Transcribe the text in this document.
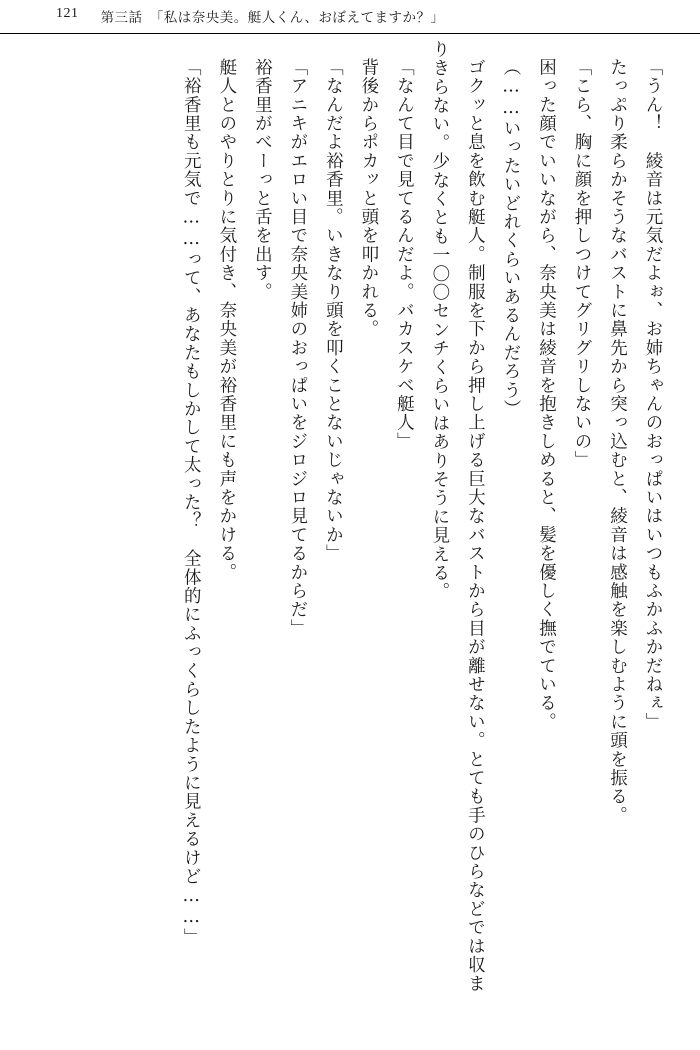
121 第三話　「私は奈央美。艇人くん、おぼえてますか？」

「うん！　綾音は元気だよぉ、お姉ちゃんのおっぱいはいつもふかふかだねぇ」

たっぷり柔らかそうなバストに鼻先から突っ込むと、綾音は感触を楽しむように頭を振る。

「こら、胸に顔を押しつけてグリグリしないの」

困った顔でいいながら、奈央美は綾音を抱きしめると、髪を優しく撫でている。

（……いったいどれくらいあるんだろう）

ゴクッと息を飲む艇人。制服を下から押し上げる巨大なバストから目が離せない。とても手のひらなどでは収まりきらない。少なくとも一〇〇センチくらいはありそうに見える。

「なんて目で見てるんだよ。バカスケベ艇人」

背後からポカッと頭を叩かれる。

「なんだよ裕香里。いきなり頭を叩くことないじゃないか」

「アニキがエロい目で奈央美姉のおっぱいをジロジロ見てるからだ」

裕香里がべーっと舌を出す。

艇人とのやりとりに気付き、奈央美が裕香里にも声をかける。

「裕香里も元気で……って、あなたもしかして太った？　全体的にふっくらしたように見えるけど……」
